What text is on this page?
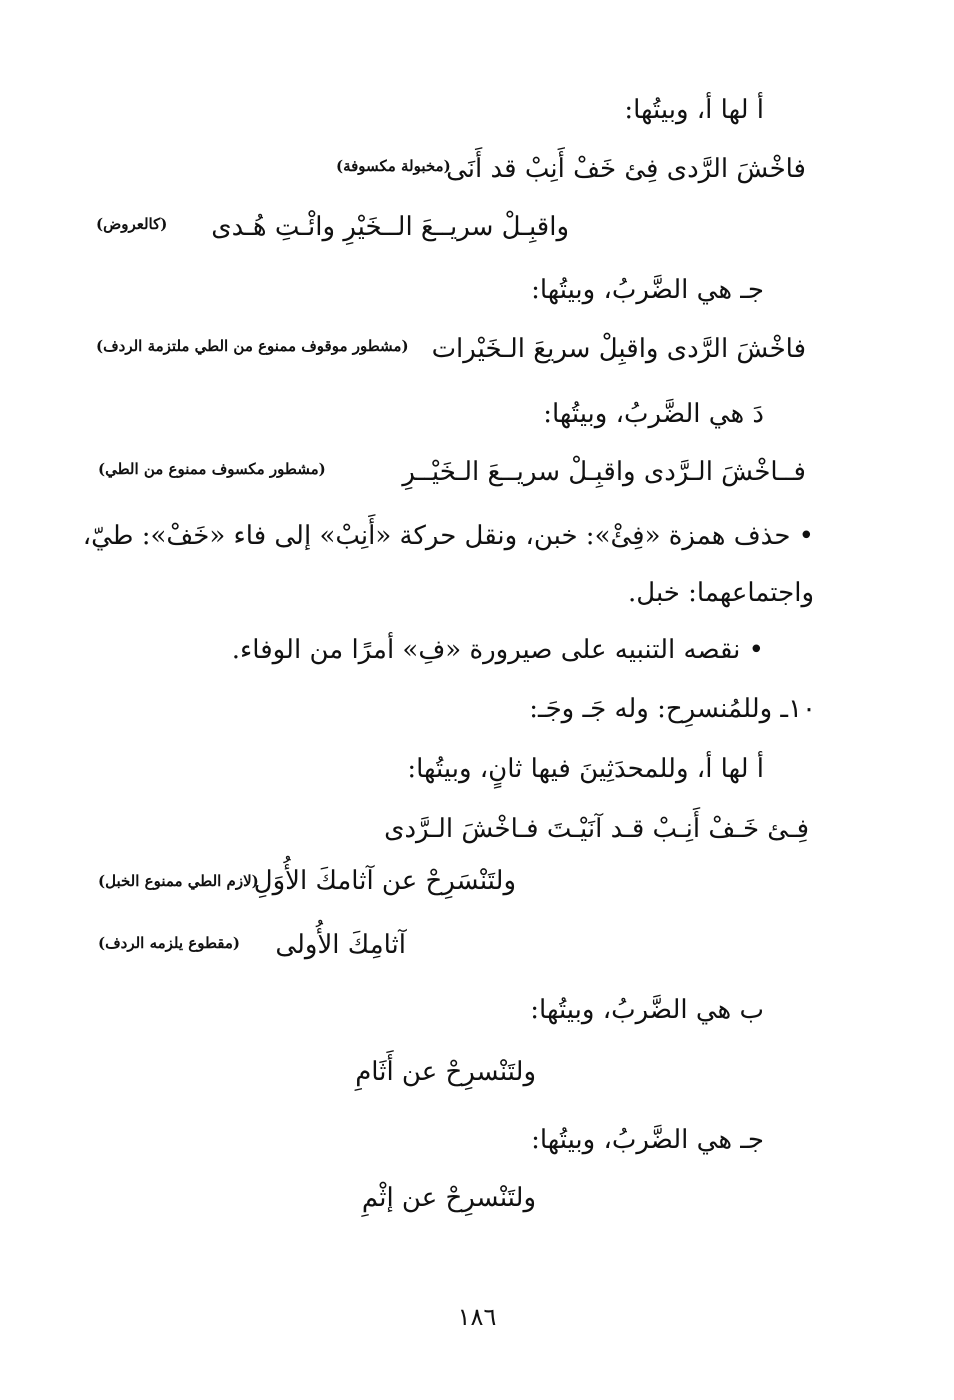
أ لها أ، وبيتُها:
فاخْشَ الرَّدى فِئ خَفْ أَنِبْ قد أَنَى
(مخبولة مكسوفة)
واقبِـلْ سريــعَ الــخَيْرِ وائْـتِ هُـدى
(كالعروض)
جـ هي الضَّربُ، وبيتُها:
فاخْشَ الرَّدى واقبِلْ سريعَ الـخَيْرات
(مشطور موقوف ممنوع من الطي ملتزمة الردف)
دَ هي الضَّربُ، وبيتُها:
فــاخْشَ الـرَّدى واقبِـلْ سريــعَ الـخَيْــرِ
(مشطور مكسوف ممنوع من الطي)
• حذف همزة «فِئْ»: خبن، ونقل حركة «أَنِبْ» إلى فاء «خَفْ»: طيّ،
واجتماعهما: خبل.
• نقصه التنبيه على صيرورة «فِ» أمرًا من الوفاء.
١٠ـ وللمُنسرِح: وله جَـ وجَـ:
أ لها أ، وللمحدَثِينَ فيها ثانٍ، وبيتُها:
فِـئ خَـفْ أَنِـبْ قـد آنَيْـتَ فـاخْشَ الـرَّدى
ولتَنْسَرِحْ عن آثامكَ الأُوَلِ
(لازم الطي ممنوع الخبل)
آثامِكَ الأُولى
(مقطوع يلزمه الردف)
ب هي الضَّربُ، وبيتُها:
ولتَنْسرِحْ عن أَثَامِ
جـ هي الضَّربُ، وبيتُها:
ولتَنْسرِحْ عن إثْمِ
١٨٦
